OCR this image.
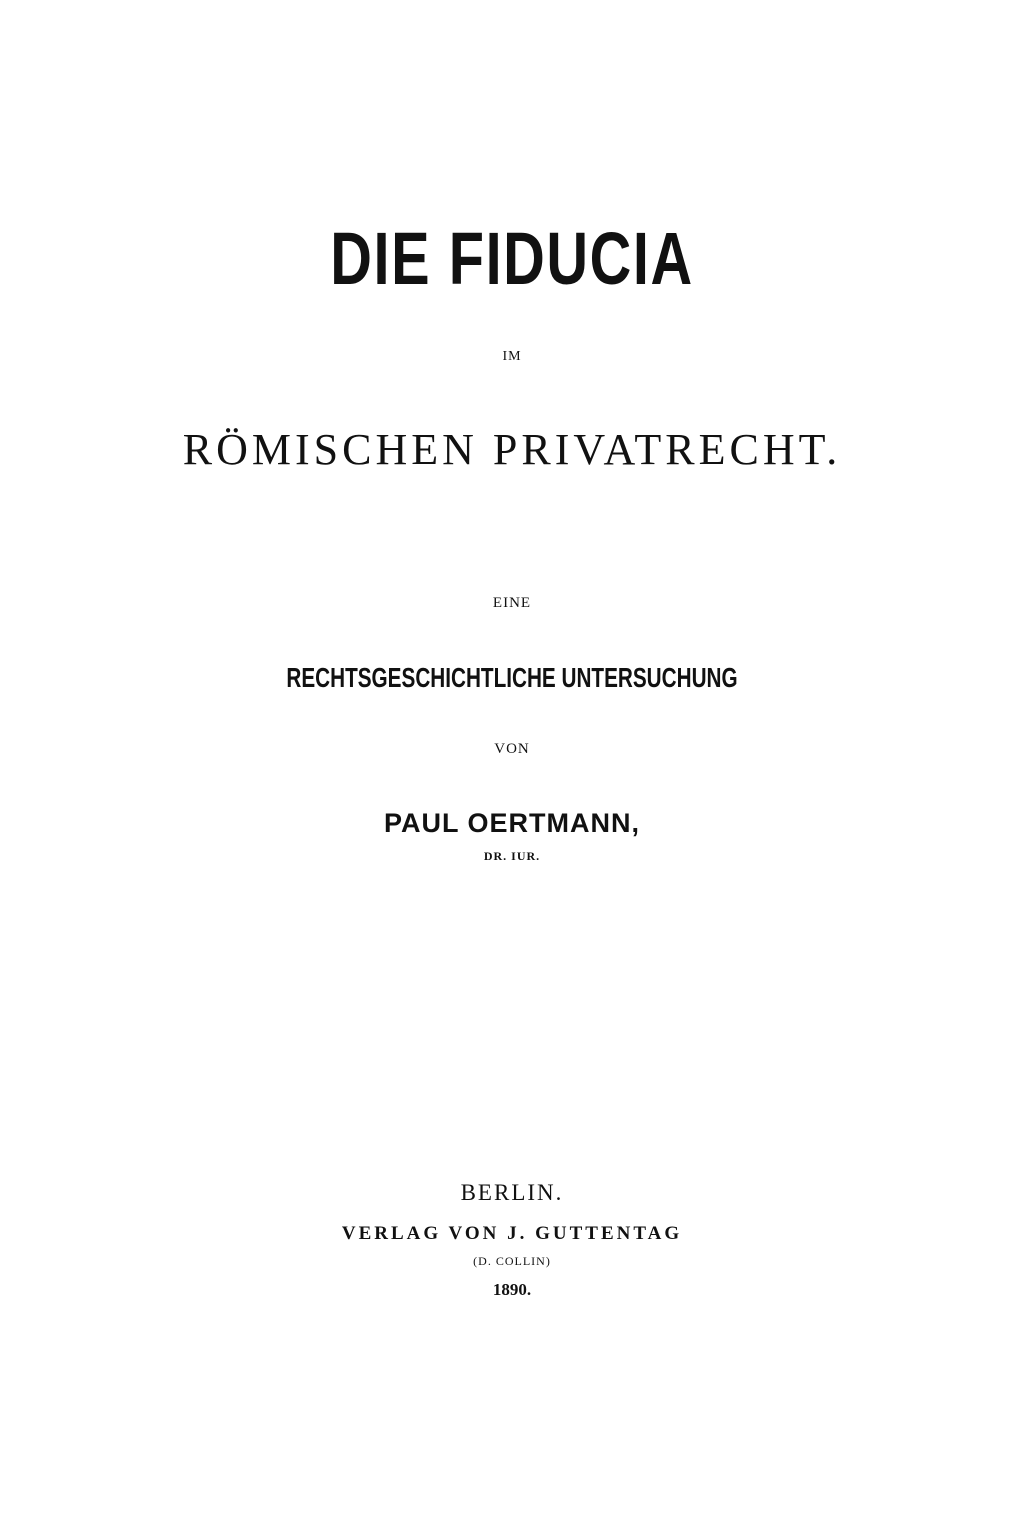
DIE FIDUCIA
IM
RÖMISCHEN PRIVATRECHT.
EINE
RECHTSGESCHICHTLICHE UNTERSUCHUNG
VON
PAUL OERTMANN,
DR. IUR.
BERLIN.
VERLAG VON J. GUTTENTAG
(D. COLLIN)
1890.
